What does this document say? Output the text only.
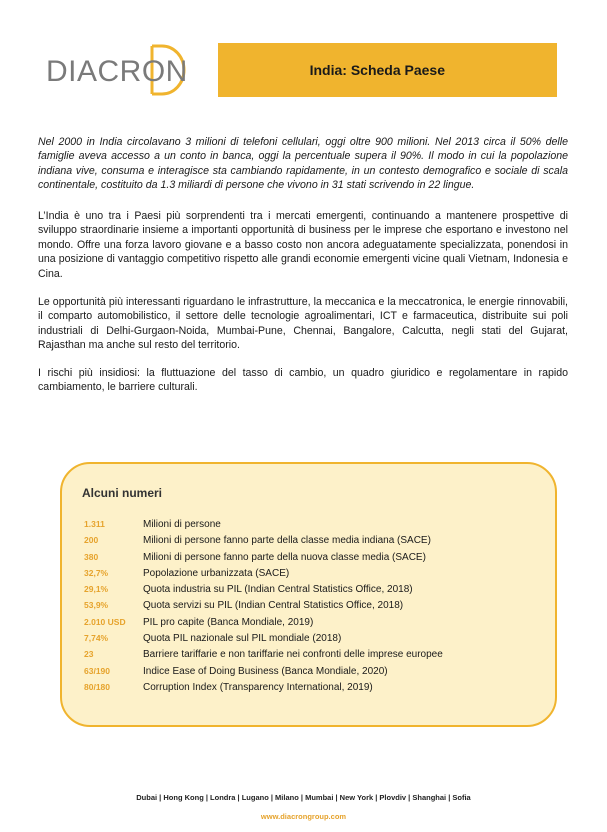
DIACRON	India: Scheda Paese

Nel 2000 in India circolavano 3 milioni di telefoni cellulari, oggi oltre 900 milioni. Nel 2013 circa il 50% delle famiglie aveva accesso a un conto in banca, oggi la percentuale supera il 90%. Il modo in cui la popolazione indiana vive, consuma e interagisce sta cambiando rapidamente, in un contesto demografico e sociale di scala continentale, costituito da 1.3 miliardi di persone che vivono in 31 stati scrivendo in 22 lingue.

L’India è uno tra i Paesi più sorprendenti tra i mercati emergenti, continuando a mantenere prospettive di sviluppo straordinarie insieme a importanti opportunità di business per le imprese che esportano e investono nel mondo. Offre una forza lavoro giovane e a basso costo non ancora adeguatamente specializzata, ponendosi in una posizione di vantaggio competitivo rispetto alle grandi economie emergenti vicine quali Vietnam, Indonesia e Cina.

Le opportunità più interessanti riguardano le infrastrutture, la meccanica e la meccatronica, le energie rinnovabili, il comparto automobilistico, il settore delle tecnologie agroalimentari, ICT e farmaceutica, distribuite sui poli industriali di Delhi-Gurgaon-Noida, Mumbai-Pune, Chennai, Bangalore, Calcutta, negli stati del Gujarat, Rajasthan ma anche sul resto del territorio.

I rischi più insidiosi: la fluttuazione del tasso di cambio, un quadro giuridico e regolamentare in rapido cambiamento, le barriere culturali.

Alcuni numeri
1.311	Milioni di persone
200	Milioni di persone fanno parte della classe media indiana (SACE)
380	Milioni di persone fanno parte della nuova classe media (SACE)
32,7%	Popolazione urbanizzata (SACE)
29,1%	Quota industria su PIL (Indian Central Statistics Office, 2018)
53,9%	Quota servizi su PIL (Indian Central Statistics Office, 2018)
2.010 USD PIL pro capite (Banca Mondiale, 2019)
7,74%	Quota PIL nazionale sul PIL mondiale (2018)
23	Barriere tariffarie e non tariffarie nei confronti delle imprese europee
63/190	Indice Ease of Doing Business (Banca Mondiale, 2020)
80/180	Corruption Index (Transparency International, 2019)
Dubai | Hong Kong | Londra | Lugano | Milano | Mumbai | New York | Plovdiv | Shanghai | Sofia
www.diacrongroup.com
